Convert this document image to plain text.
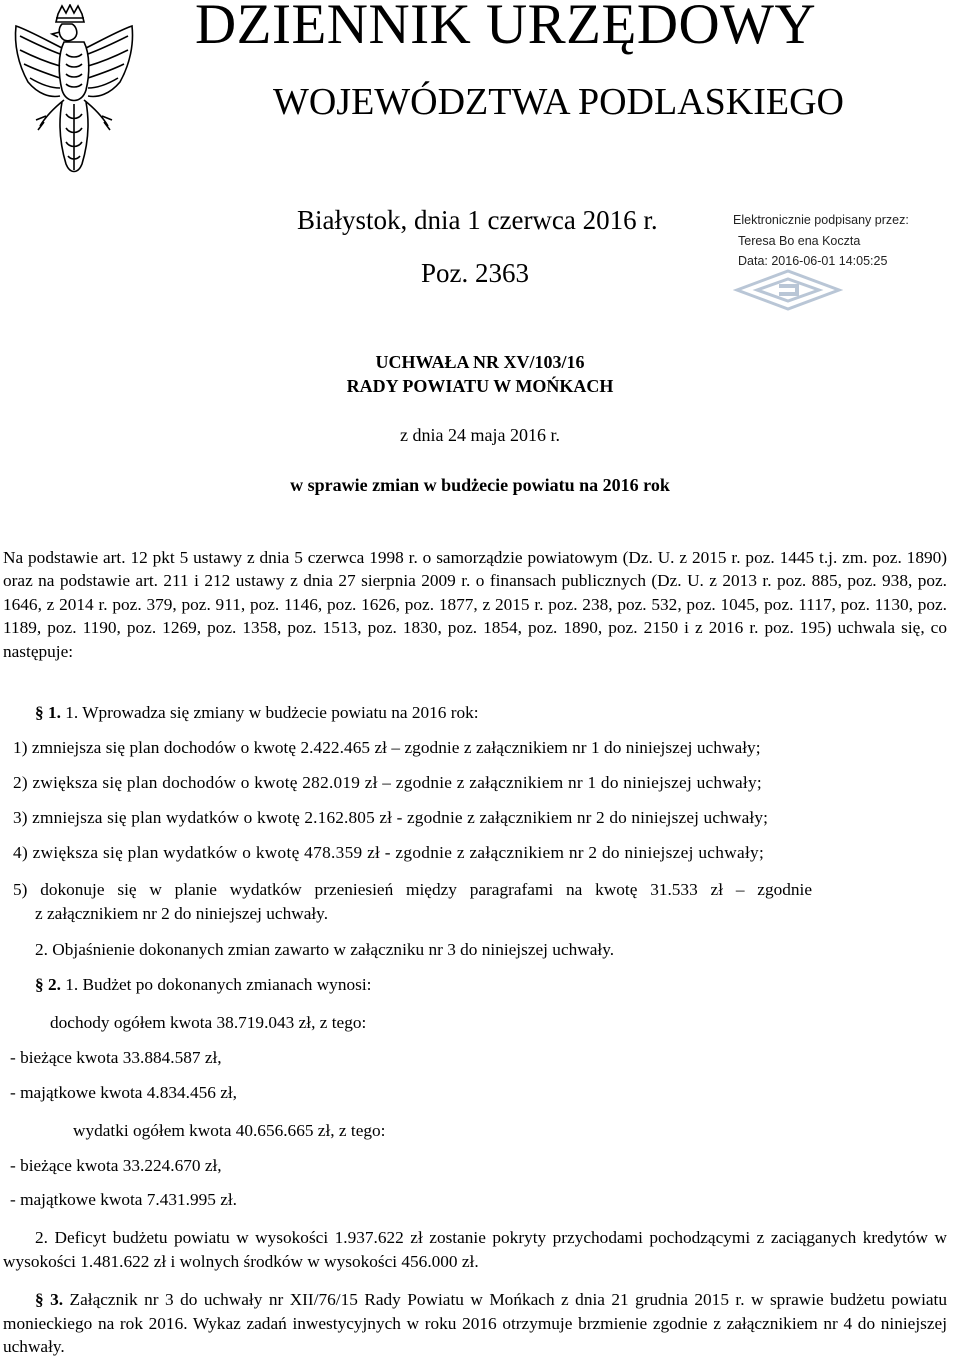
DZIENNIK URZĘDOWY
WOJEWÓDZTWA PODLASKIEGO
Białystok, dnia 1 czerwca 2016 r.
Poz. 2363
Elektronicznie podpisany przez:
Teresa Bo ena Koczta
Data: 2016-06-01 14:05:25
UCHWAŁA NR XV/103/16
RADY POWIATU W MOŃKACH
z dnia 24 maja 2016 r.
w sprawie zmian w budżecie powiatu na 2016 rok
Na podstawie art. 12 pkt 5 ustawy z dnia 5 czerwca 1998 r. o samorządzie powiatowym (Dz. U. z 2015 r. poz. 1445 t.j. zm. poz. 1890) oraz na podstawie art. 211 i 212 ustawy z dnia 27 sierpnia 2009 r. o finansach publicznych (Dz. U. z 2013 r. poz. 885, poz. 938, poz. 1646, z 2014 r. poz. 379, poz. 911, poz. 1146, poz. 1626, poz. 1877, z 2015 r. poz. 238, poz. 532, poz. 1045, poz. 1117, poz. 1130, poz. 1189, poz. 1190, poz. 1269, poz. 1358, poz. 1513, poz. 1830, poz. 1854, poz. 1890, poz. 2150 i z 2016 r. poz. 195) uchwala się, co następuje:
§ 1. 1. Wprowadza się zmiany w budżecie powiatu na 2016 rok:
1) zmniejsza się plan dochodów o kwotę 2.422.465 zł – zgodnie z załącznikiem nr 1 do niniejszej uchwały;
2) zwiększa się plan dochodów o kwotę 282.019 zł – zgodnie z załącznikiem nr 1 do niniejszej uchwały;
3) zmniejsza się plan wydatków o kwotę 2.162.805 zł - zgodnie z załącznikiem nr 2 do niniejszej uchwały;
4) zwiększa się plan wydatków o kwotę 478.359 zł - zgodnie z załącznikiem nr 2 do niniejszej uchwały;
5) dokonuje się w planie wydatków przeniesień między paragrafami na kwotę 31.533 zł – zgodnie
z załącznikiem nr 2 do niniejszej uchwały.
2. Objaśnienie dokonanych zmian zawarto w załączniku nr 3 do niniejszej uchwały.
§ 2. 1. Budżet po dokonanych zmianach wynosi:
dochody ogółem kwota 38.719.043 zł, z tego:
- bieżące kwota 33.884.587 zł,
- majątkowe kwota 4.834.456 zł,
wydatki ogółem kwota 40.656.665 zł, z tego:
- bieżące kwota 33.224.670 zł,
- majątkowe kwota 7.431.995 zł.
2. Deficyt budżetu powiatu w wysokości 1.937.622 zł zostanie pokryty przychodami pochodzącymi z zaciąganych kredytów w wysokości 1.481.622 zł i wolnych środków w wysokości 456.000 zł.
§ 3. Załącznik nr 3 do uchwały nr XII/76/15 Rady Powiatu w Mońkach z dnia 21 grudnia 2015 r. w sprawie budżetu powiatu monieckiego na rok 2016. Wykaz zadań inwestycyjnych w roku 2016 otrzymuje brzmienie zgodnie z załącznikiem nr 4 do niniejszej uchwały.
